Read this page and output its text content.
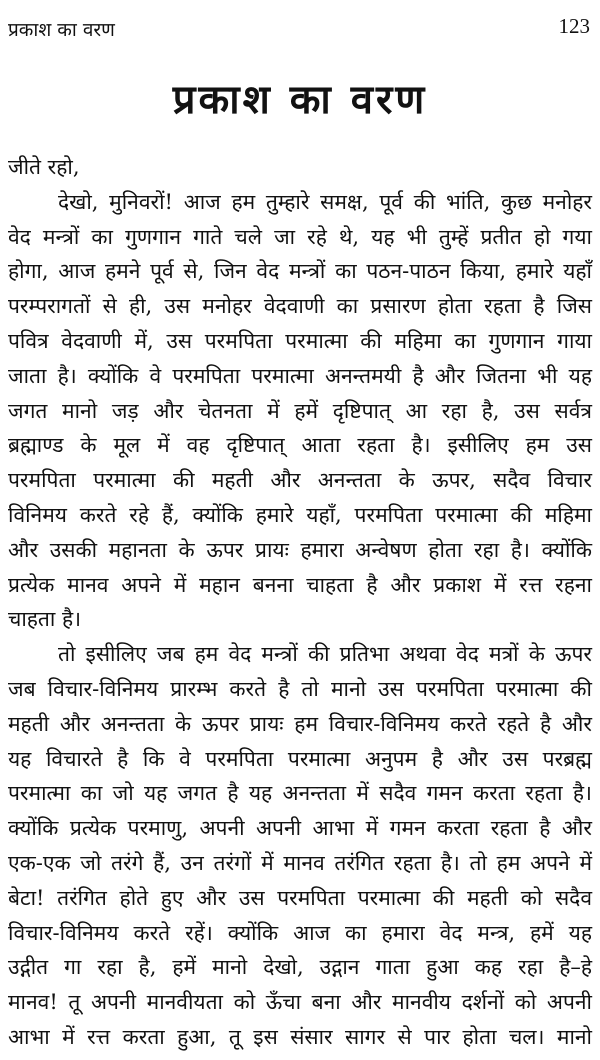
प्रकाश का वरण	123
प्रकाश का वरण
जीते रहो,
देखो, मुनिवरों! आज हम तुम्हारे समक्ष, पूर्व की भांति, कुछ मनोहर
वेद मन्त्रों का गुणगान गाते चले जा रहे थे, यह भी तुम्हें प्रतीत हो गया
होगा, आज हमने पूर्व से, जिन वेद मन्त्रों का पठन-पाठन किया, हमारे यहाँ
परम्परागतों से ही, उस मनोहर वेदवाणी का प्रसारण होता रहता है जिस
पवित्र वेदवाणी में, उस परमपिता परमात्मा की महिमा का गुणगान गाया
जाता है। क्योंकि वे परमपिता परमात्मा अनन्तमयी है और जितना भी यह
जगत मानो जड़ और चेतनता में हमें दृष्टिपात् आ रहा है, उस सर्वत्र
ब्रह्माण्ड के मूल में वह दृष्टिपात् आता रहता है। इसीलिए हम उस
परमपिता परमात्मा की महती और अनन्तता के ऊपर, सदैव विचार
विनिमय करते रहे हैं, क्योंकि हमारे यहाँ, परमपिता परमात्मा की महिमा
और उसकी महानता के ऊपर प्रायः हमारा अन्वेषण होता रहा है। क्योंकि
प्रत्येक मानव अपने में महान बनना चाहता है और प्रकाश में रत्त रहना
चाहता है।
तो इसीलिए जब हम वेद मन्त्रों की प्रतिभा अथवा वेद मत्रों के ऊपर
जब विचार-विनिमय प्रारम्भ करते है तो मानो उस परमपिता परमात्मा की
महती और अनन्तता के ऊपर प्रायः हम विचार-विनिमय करते रहते है और
यह विचारते है कि वे परमपिता परमात्मा अनुपम है और उस परब्रह्म
परमात्मा का जो यह जगत है यह अनन्तता में सदैव गमन करता रहता है।
क्योंकि प्रत्येक परमाणु, अपनी अपनी आभा में गमन करता रहता है और
एक-एक जो तरंगे हैं, उन तरंगों में मानव तरंगित रहता है। तो हम अपने में
बेटा! तरंगित होते हुए और उस परमपिता परमात्मा की महती को सदैव
विचार-विनिमय करते रहें। क्योंकि आज का हमारा वेद मन्त्र, हमें यह
उद्गीत गा रहा है, हमें मानो देखो, उद्गान गाता हुआ कह रहा है–हे
मानव! तू अपनी मानवीयता को ऊँचा बना और मानवीय दर्शनों को अपनी
आभा में रत्त करता हुआ, तू इस संसार सागर से पार होता चल। मानो
